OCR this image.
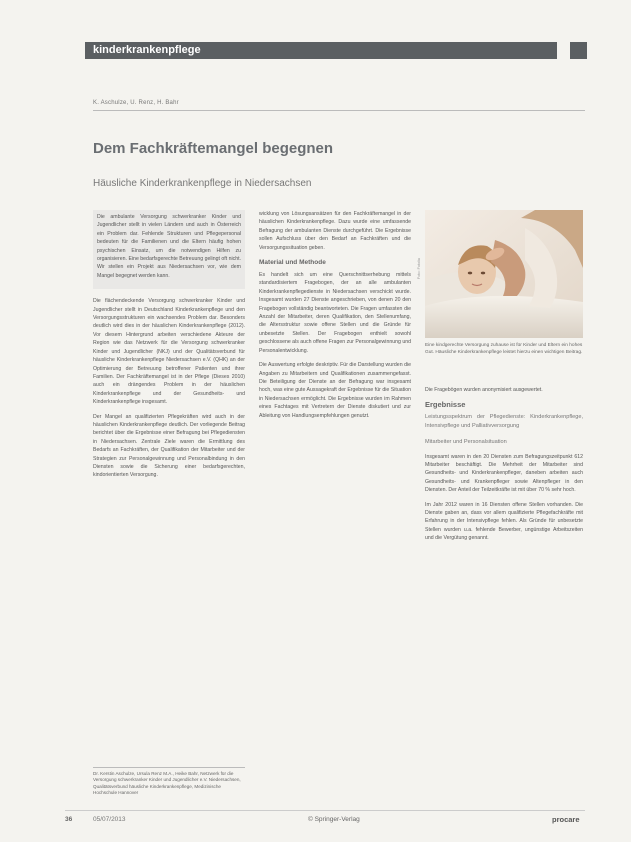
kinderkrankenpflege
K. Aschulze, U. Renz, H. Bahr
Dem Fachkräftemangel begegnen
Häusliche Kinderkrankenpflege in Niedersachsen

Die ambulante Versorgung schwerkranker Kinder und Jugendlicher stellt in vielen Ländern und auch in Österreich ein Problem dar. Fehlende Strukturen und Pflegepersonal bedeuten für die Familienen und die Eltern häufig hohen psychischen Einsatz, um die notwendigen Hilfen zu organisieren. Eine bedarfsgerechte Betreuung gelingt oft nicht. Wir stellen ein Projekt aus Niedersachsen vor, wie dem Mangel begegnet werden kann.

Die flächendeckende Versorgung schwerkranker Kinder und Jugendlicher stellt in Deutschland Kinderkrankenpflege und den Versorgungsstrukturen ein wachsendes Problem dar. Besonders deutlich wird dies in der häuslichen Kinderkrankenpflege (2012). Vor diesem Hintergrund arbeiten verschiedene Akteure der Region wie das Netzwerk für die Versorgung schwerkranker Kinder und Jugendlicher (NKJ) und der Qualitätsverbund für häusliche Kinderkrankenpflege Niedersachsen e.V. (QHK) an der Optimierung der Betreuung betroffener Patienten und ihrer Familien. Der Fachkräftemangel ist in der Pflege (Dieses 2010) auch ein drängendes Problem in der häuslichen Kinderkrankenpflege und der Gesundheits- und Kinderkrankenpflege insgesamt.

Der Mangel an qualifizierten Pflegekräften wird auch in der häuslichen Kinderkrankenpflege deutlich. Der vorliegende Beitrag berichtet über die Ergebnisse einer Befragung bei Pflegediensten in Niedersachsen. Zentrale Ziele waren die Ermittlung des Bedarfs an Fachkräften, der Qualifikation der Mitarbeiter und der Strategien zur Personalgewinnung und Personalbindung in den Diensten sowie die Sicherung einer bedarfsgerechten, kindorientierten Versorgung.

Dr. Kerstin Aschulze, Ursula Renz M.A., Heike Bahr, Netzwerk für die Versorgung schwerkranker Kinder und Jugendlicher e.V. Niedersachsen, Qualitätsverbund häusliche Kinderkrankenpflege, Medizinische Hochschule Hannover

wicklung von Lösungsansätzen für den Fachkräftemangel in der häuslichen Kinderkrankenpflege. Dazu wurde eine umfassende Befragung der ambulanten Dienste durchgeführt. Die Ergebnisse sollen Aufschluss über den Bedarf an Fachkräften und die Versorgungssituation geben.

Material und Methode

Es handelt sich um eine Querschnittserhebung mittels standardisiertem Fragebogen, der an alle ambulanten Kinderkrankenpflegedienste in Niedersachsen verschickt wurde. Insgesamt wurden 27 Dienste angeschrieben, von denen 20 den Fragebogen vollständig beantworteten. Die Fragen umfassten die Anzahl der Mitarbeiter, deren Qualifikation, den Stellenumfang, die Altersstruktur sowie offene Stellen und die Gründe für unbesetzte Stellen. Der Fragebogen enthielt sowohl geschlossene als auch offene Fragen zur Personalgewinnung und Personalentwicklung.

Die Auswertung erfolgte deskriptiv. Für die Darstellung wurden die Angaben zu Mitarbeitern und Qualifikationen zusammengefasst. Die Beteiligung der Dienste an der Befragung war insgesamt hoch, was eine gute Aussagekraft der Ergebnisse für die Situation in Niedersachsen ermöglicht. Die Ergebnisse wurden im Rahmen eines Fachtages mit Vertretern der Dienste diskutiert und zur Ableitung von Handlungsempfehlungen genutzt.

Foto: Fotolia
Eine kindgerechte Versorgung zuhause ist für Kinder und Eltern ein hohes Gut. Häusliche Kinderkrankenpflege leistet hierzu einen wichtigen Beitrag.

Die Fragebögen wurden anonymisiert ausgewertet.

Ergebnisse

Leistungsspektrum der Pflegedienste: Kinderkrankenpflege, Intensivpflege und Palliativversorgung

Mitarbeiter und Personalsituation

Insgesamt waren in den 20 Diensten zum Befragungszeitpunkt 612 Mitarbeiter beschäftigt. Die Mehrheit der Mitarbeiter sind Gesundheits- und Kinderkrankenpfleger, daneben arbeiten auch Gesundheits- und Krankenpfleger sowie Altenpfleger in den Diensten. Der Anteil der Teilzeitkräfte ist mit über 70 % sehr hoch.

Im Jahr 2012 waren in 16 Diensten offene Stellen vorhanden. Die Dienste gaben an, dass vor allem qualifizierte Pflegefachkräfte mit Erfahrung in der Intensivpflege fehlen. Als Gründe für unbesetzte Stellen wurden u.a. fehlende Bewerber, ungünstige Arbeitszeiten und die Vergütung genannt.

36	05/07/2013	© Springer-Verlag	procare
